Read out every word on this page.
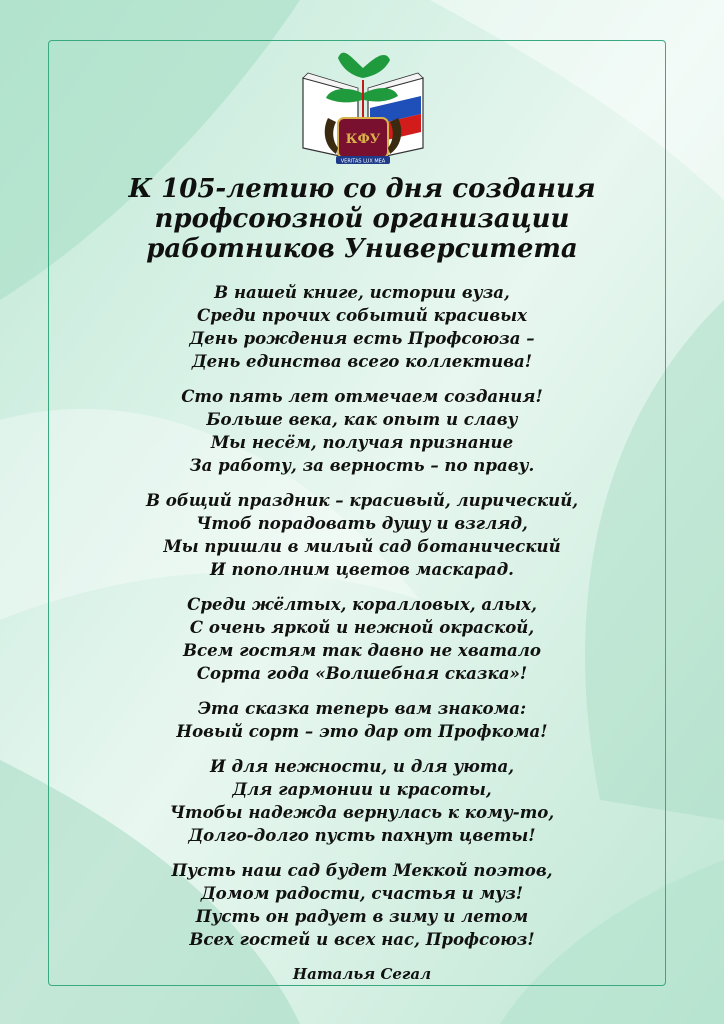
КФУ
VERITAS LUX MEA
К 105-летию со дня создания
профсоюзной организации
работников Университета
В нашей книге, истории вуза,
Среди прочих событий красивых
День рождения есть Профсоюза –
День единства всего коллектива!
Сто пять лет отмечаем создания!
Больше века, как опыт и славу
Мы несём, получая признание
За работу, за верность – по праву.
В общий праздник – красивый, лирический,
Чтоб порадовать душу и взгляд,
Мы пришли в милый сад ботанический
И пополним цветов маскарад.
Среди жёлтых, коралловых, алых,
С очень яркой и нежной окраской,
Всем гостям так давно не хватало
Сорта года «Волшебная сказка»!
Эта сказка теперь вам знакома:
Новый сорт – это дар от Профкома!
И для нежности, и для уюта,
Для гармонии и красоты,
Чтобы надежда вернулась к кому-то,
Долго-долго пусть пахнут цветы!
Пусть наш сад будет Меккой поэтов,
Домом радости, счастья и муз!
Пусть он радует в зиму и летом
Всех гостей и всех нас, Профсоюз!
Наталья Сегал
